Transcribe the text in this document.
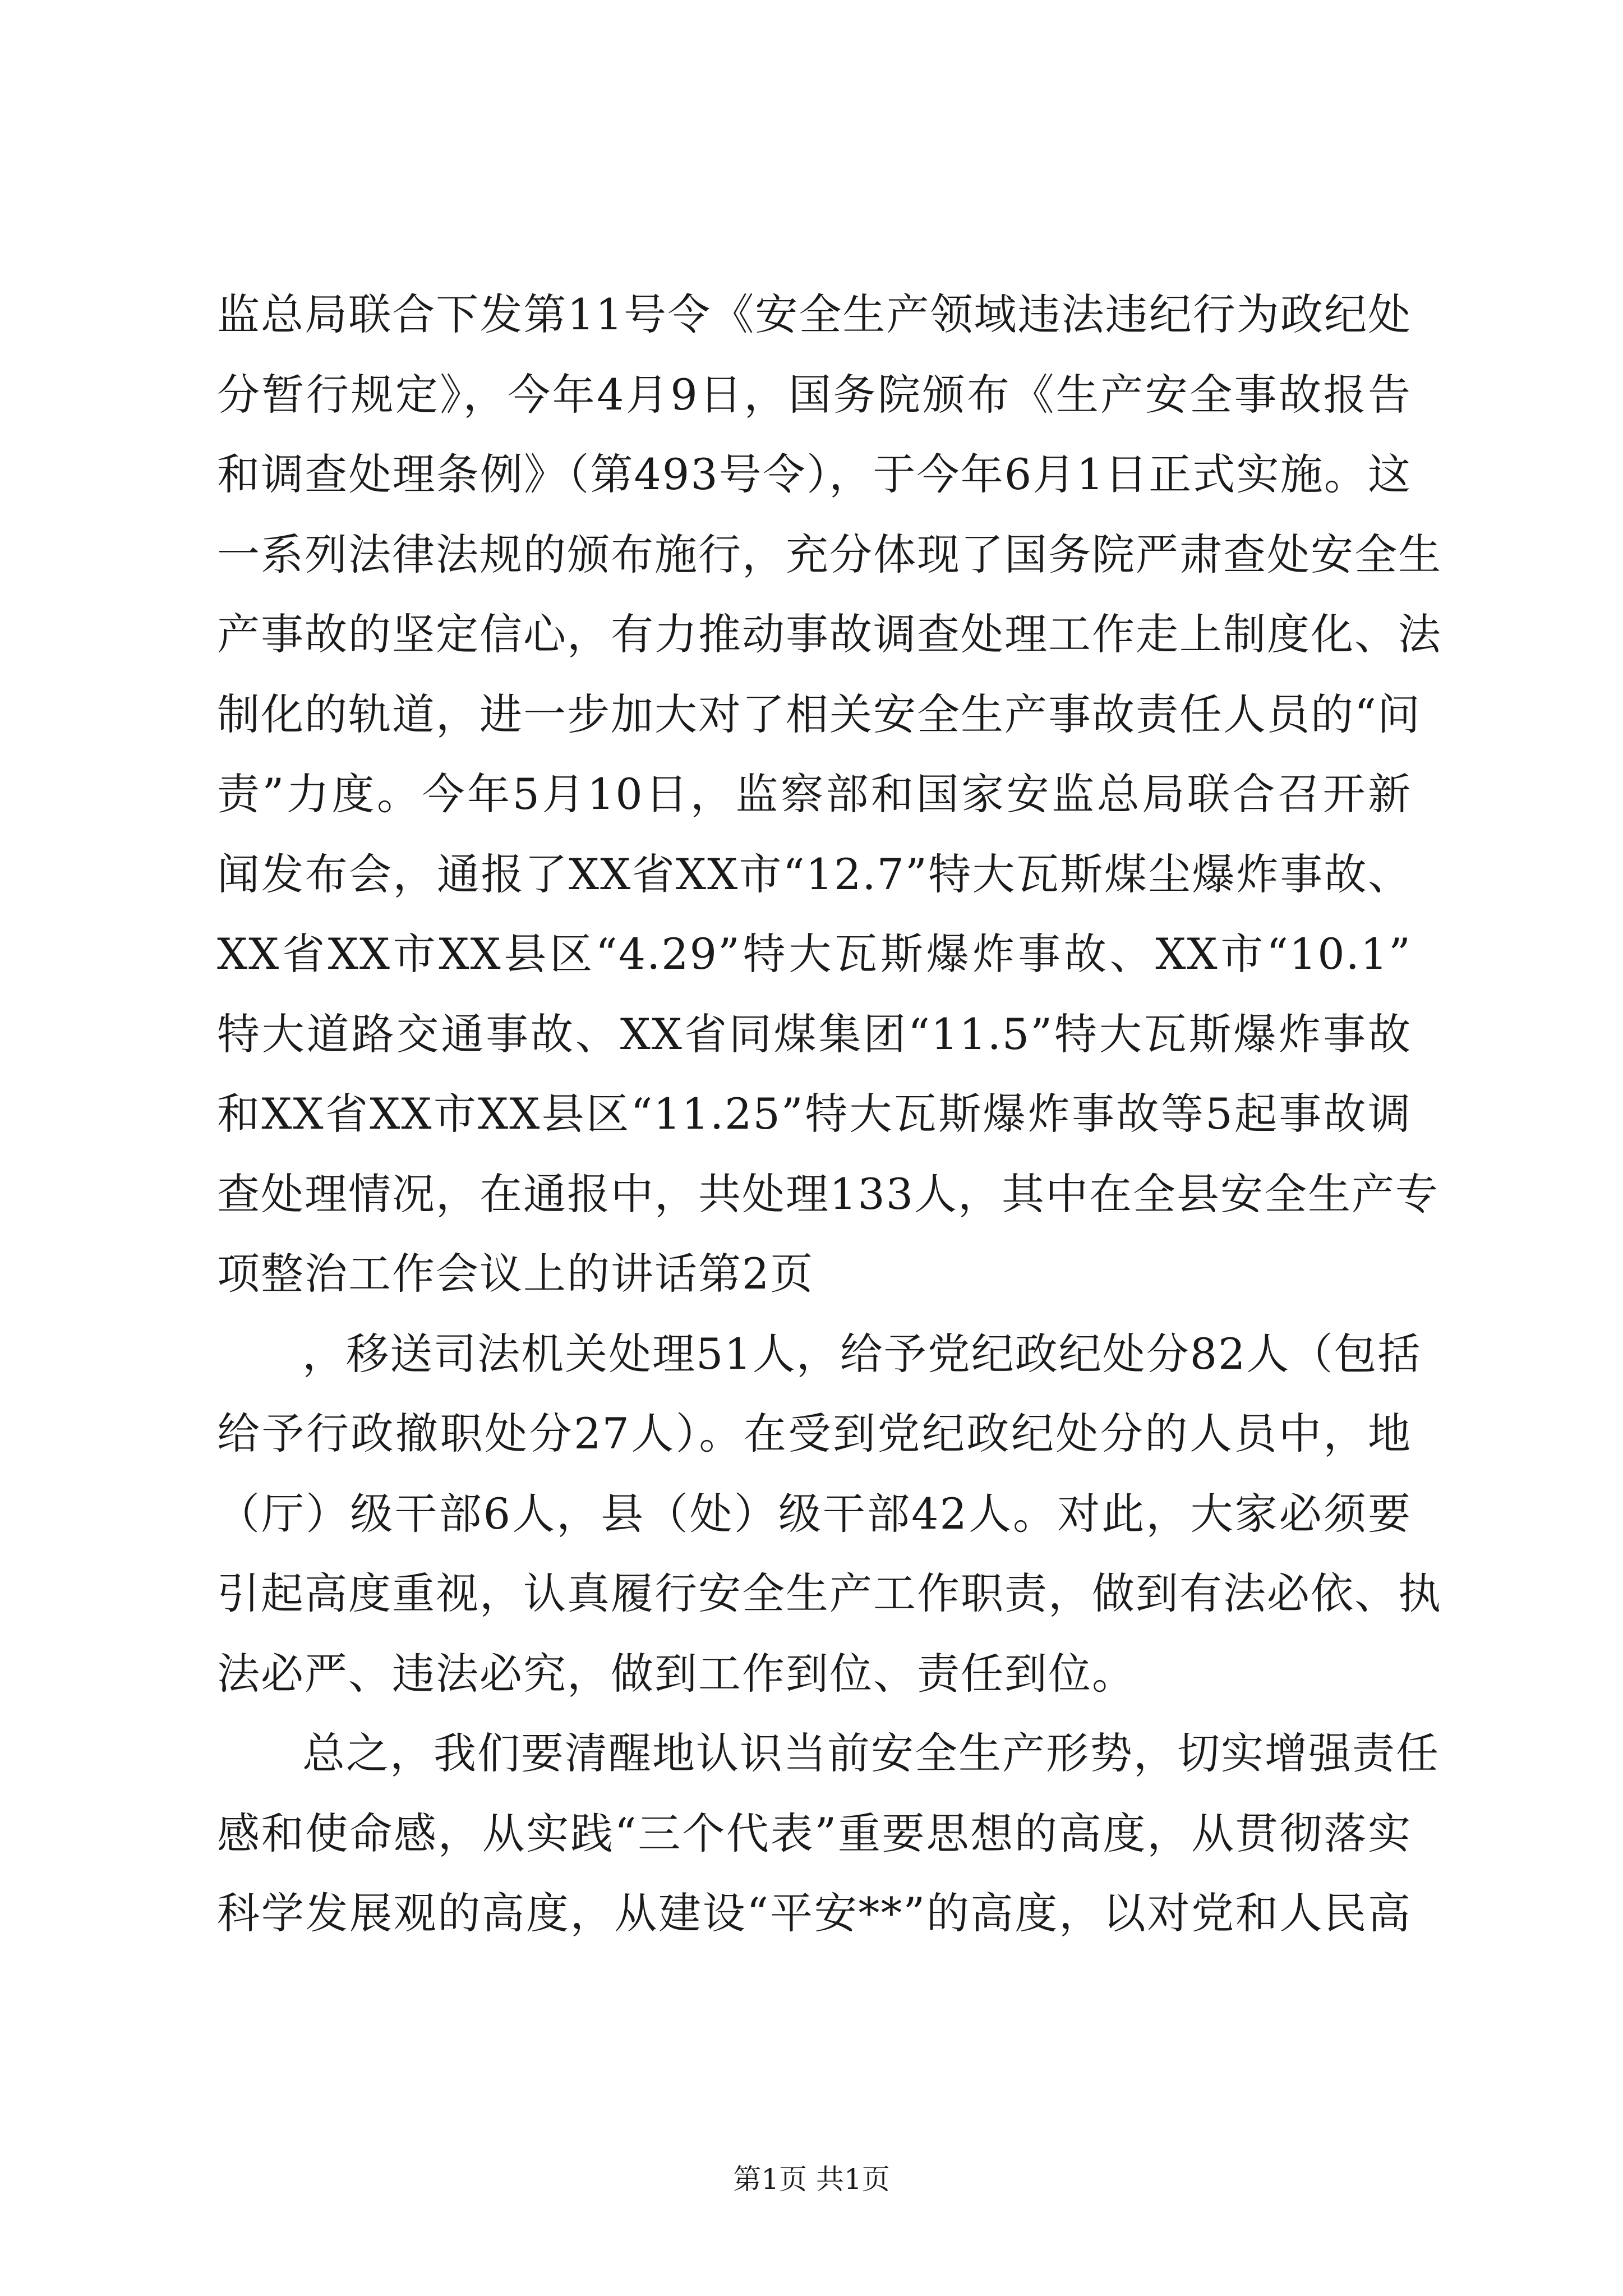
监总局联合下发第11号令《安全生产领域违法违纪行为政纪处
分暂行规定》，今年4月9日，国务院颁布《生产安全事故报告
和调查处理条例》（第493号令），于今年6月1日正式实施。这
一系列法律法规的颁布施行，充分体现了国务院严肃查处安全生
产事故的坚定信心，有力推动事故调查处理工作走上制度化、法
制化的轨道，进一步加大对了相关安全生产事故责任人员的“问
责”力度。今年5月10日，监察部和国家安监总局联合召开新
闻发布会，通报了XX省XX市“12.7”特大瓦斯煤尘爆炸事故、
XX省XX市XX县区“4.29”特大瓦斯爆炸事故、XX市“10.1”
特大道路交通事故、XX省同煤集团“11.5”特大瓦斯爆炸事故
和XX省XX市XX县区“11.25”特大瓦斯爆炸事故等5起事故调
查处理情况，在通报中，共处理133人，其中在全县安全生产专
项整治工作会议上的讲话第2页
，移送司法机关处理51人，给予党纪政纪处分82人（包括
给予行政撤职处分27人）。在受到党纪政纪处分的人员中，地
（厅）级干部6人，县（处）级干部42人。对此，大家必须要
引起高度重视，认真履行安全生产工作职责，做到有法必依、执
法必严、违法必究，做到工作到位、责任到位。
总之，我们要清醒地认识当前安全生产形势，切实增强责任
感和使命感，从实践“三个代表”重要思想的高度，从贯彻落实
科学发展观的高度，从建设“平安**”的高度，以对党和人民高
第1页 共1页
